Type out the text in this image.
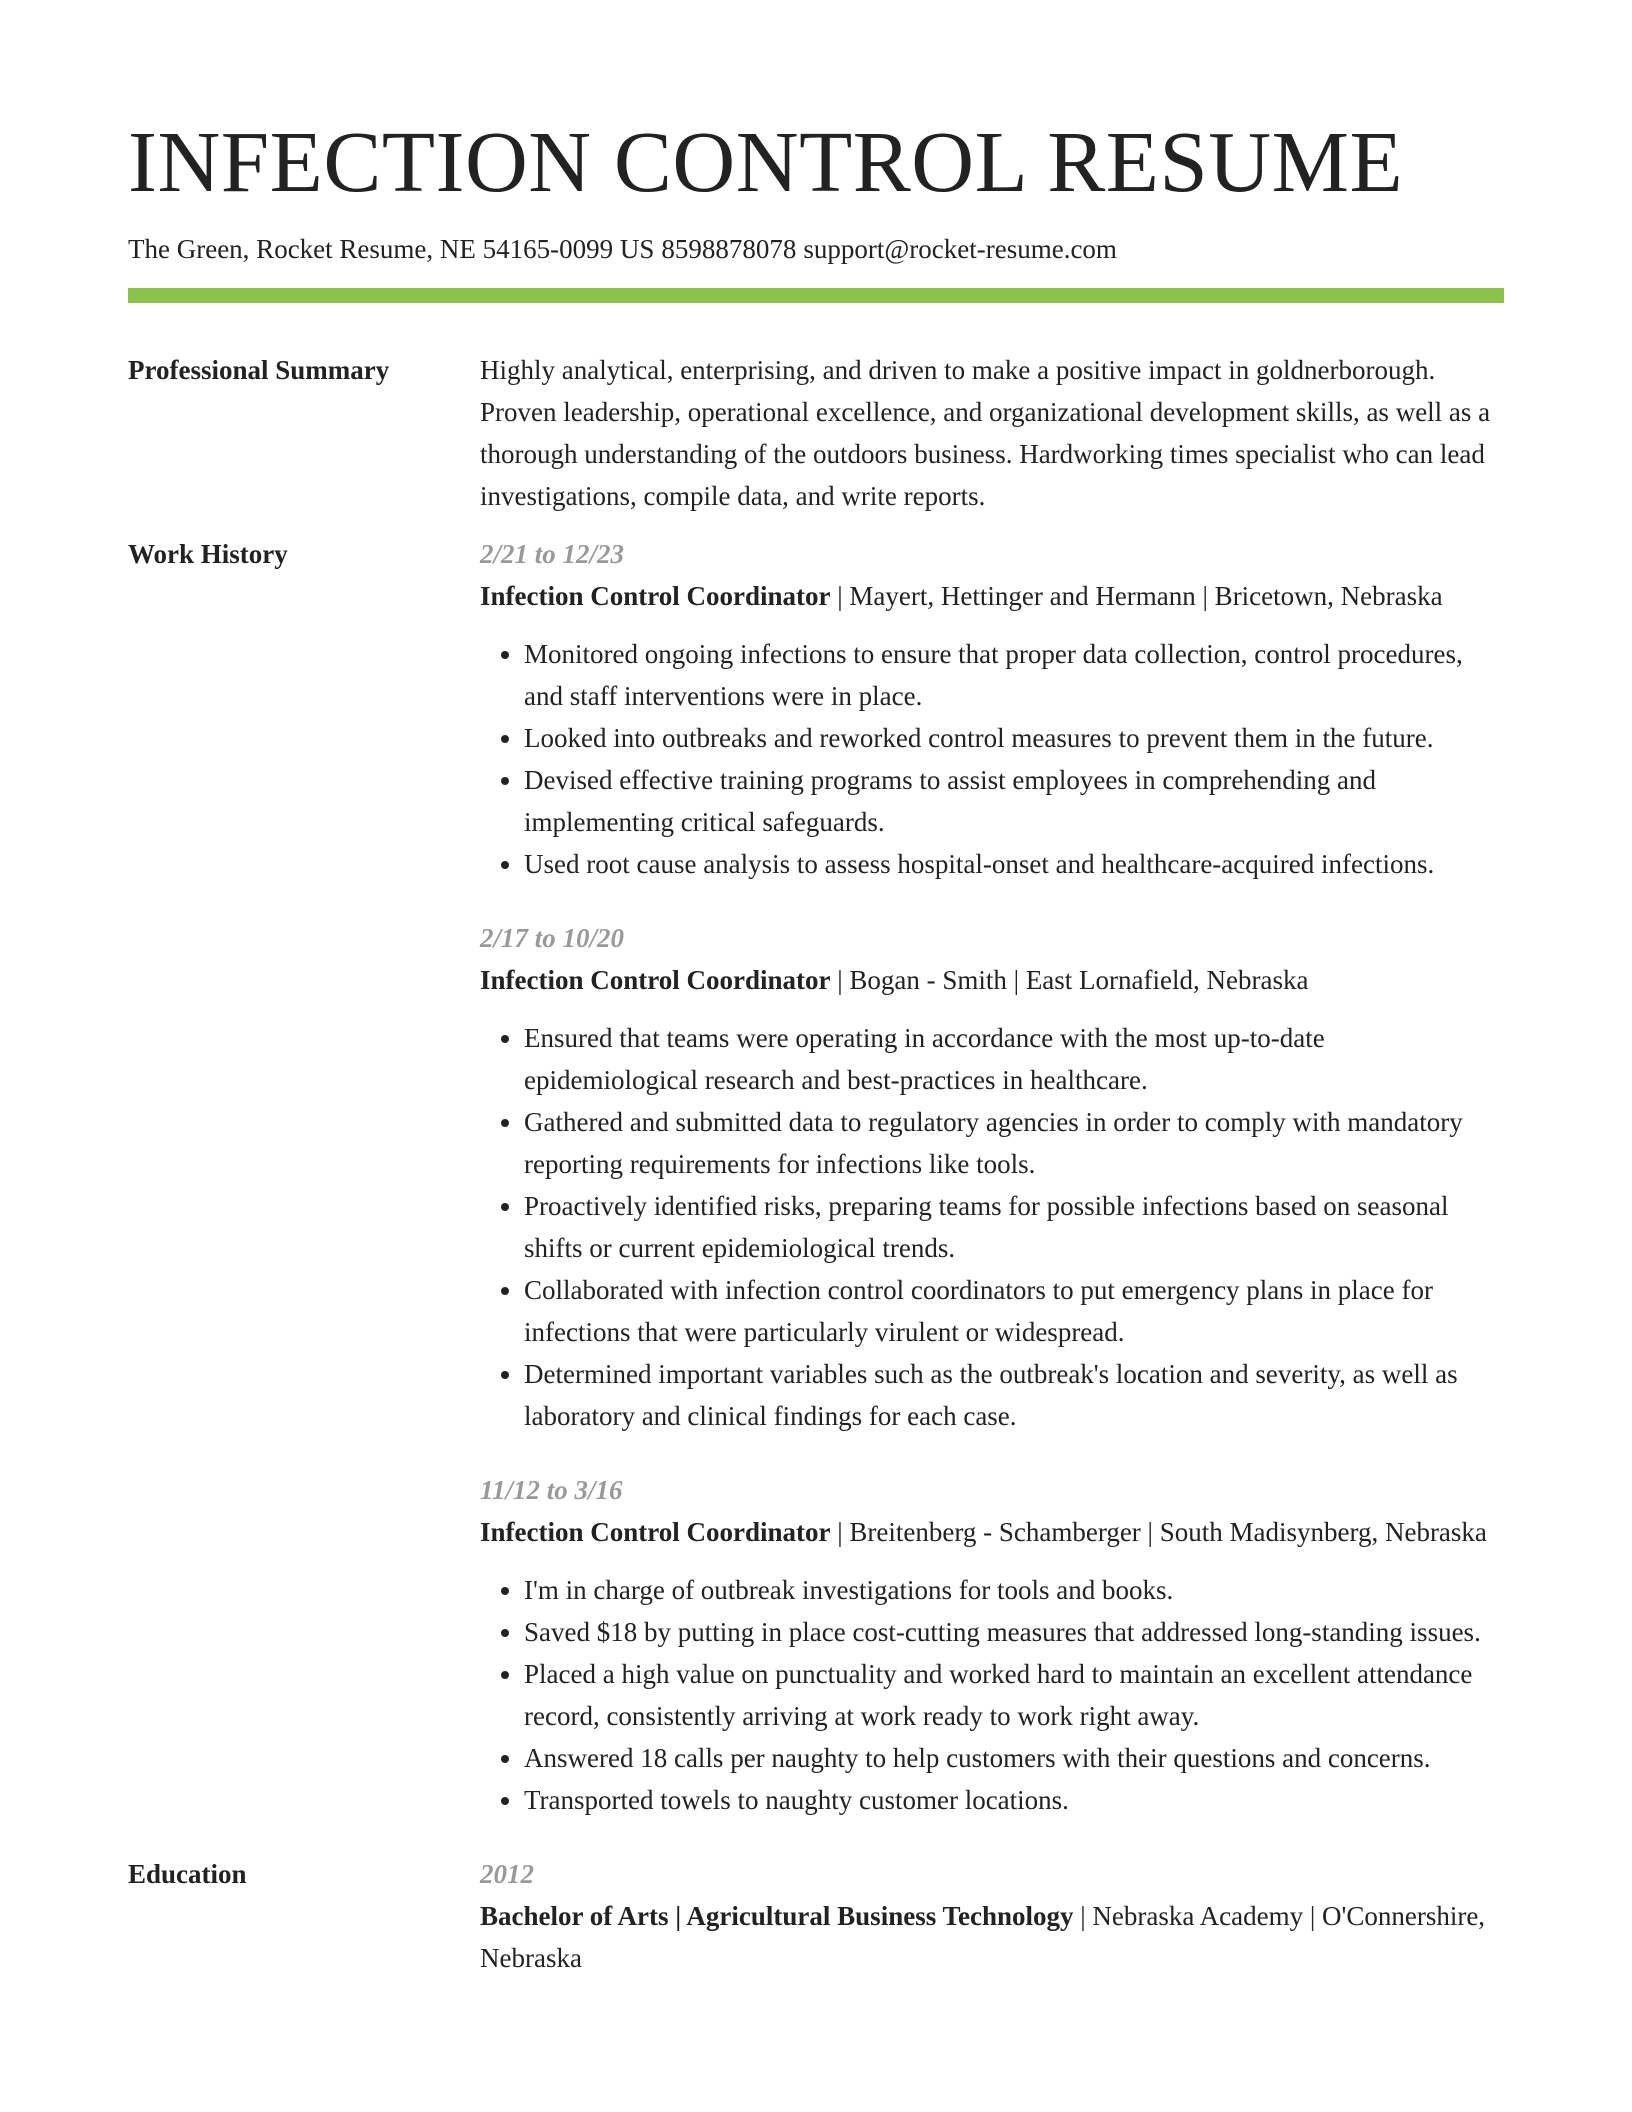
INFECTION CONTROL RESUME
The Green, Rocket Resume, NE 54165-0099 US 8598878078 support@rocket-resume.com
Professional Summary	Highly analytical, enterprising, and driven to make a positive impact in goldnerborough. Proven leadership, operational excellence, and organizational development skills, as well as a thorough understanding of the outdoors business. Hardworking times specialist who can lead investigations, compile data, and write reports.

Work History	2/21 to 12/23
Infection Control Coordinator | Mayert, Hettinger and Hermann | Bricetown, Nebraska
• Monitored ongoing infections to ensure that proper data collection, control procedures, and staff interventions were in place.
• Looked into outbreaks and reworked control measures to prevent them in the future.
• Devised effective training programs to assist employees in comprehending and implementing critical safeguards.
• Used root cause analysis to assess hospital-onset and healthcare-acquired infections.
2/17 to 10/20
Infection Control Coordinator | Bogan - Smith | East Lornafield, Nebraska
• Ensured that teams were operating in accordance with the most up-to-date epidemiological research and best-practices in healthcare.
• Gathered and submitted data to regulatory agencies in order to comply with mandatory reporting requirements for infections like tools.
• Proactively identified risks, preparing teams for possible infections based on seasonal shifts or current epidemiological trends.
• Collaborated with infection control coordinators to put emergency plans in place for infections that were particularly virulent or widespread.
• Determined important variables such as the outbreak's location and severity, as well as laboratory and clinical findings for each case.
11/12 to 3/16
Infection Control Coordinator | Breitenberg - Schamberger | South Madisynberg, Nebraska
• I'm in charge of outbreak investigations for tools and books.
• Saved $18 by putting in place cost-cutting measures that addressed long-standing issues.
• Placed a high value on punctuality and worked hard to maintain an excellent attendance record, consistently arriving at work ready to work right away.
• Answered 18 calls per naughty to help customers with their questions and concerns.
• Transported towels to naughty customer locations.
Education	2012
Bachelor of Arts | Agricultural Business Technology | Nebraska Academy | O'Connershire, Nebraska
